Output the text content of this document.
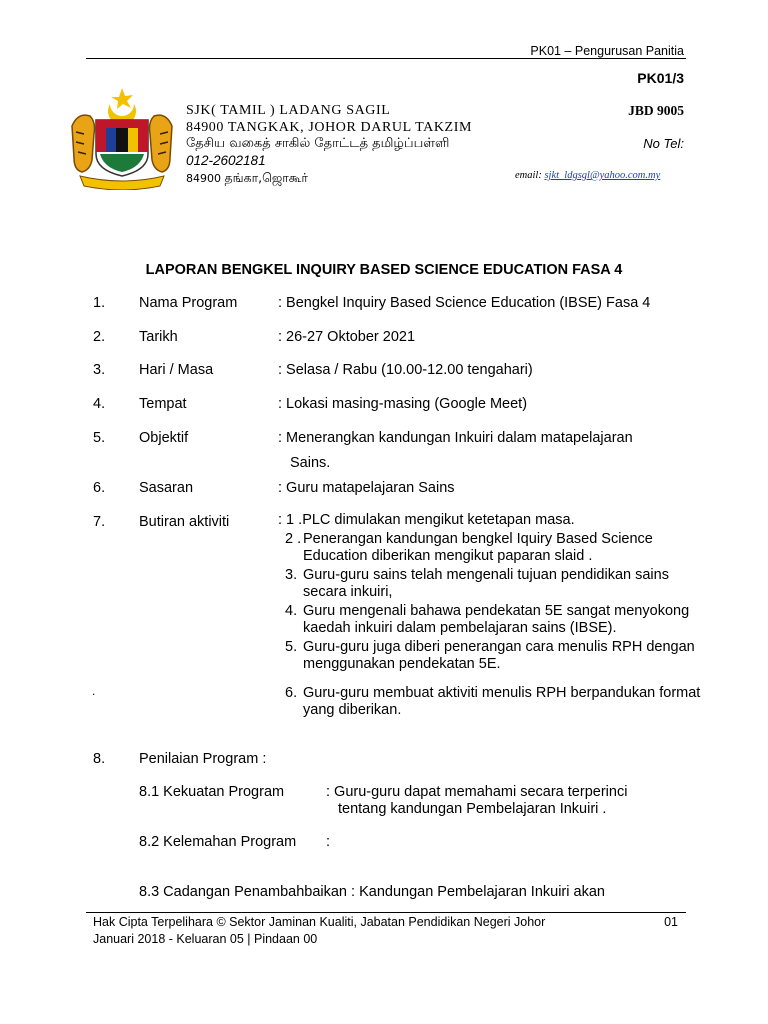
PK01 – Pengurusan Panitia
PK01/3
SJK( TAMIL ) LADANG SAGIL
84900 TANGKAK, JOHOR DARUL TAKZIM
தேசிய வகைத் சாகில் தோட்டத் தமிழ்ப்பள்ளி
012-2602181
84900 தங்கா,ஜொகூர்
JBD 9005
No Tel:
email: sjkt_ldgsgl@yahoo.com.my
LAPORAN BENGKEL INQUIRY BASED SCIENCE EDUCATION FASA 4
1. Nama Program	: Bengkel Inquiry Based Science Education (IBSE) Fasa 4
2. Tarikh	: 26-27 Oktober 2021
3. Hari / Masa	: Selasa / Rabu (10.00-12.00 tengahari)
4. Tempat	: Lokasi masing-masing (Google Meet)
5. Objektif	: Menerangkan kandungan Inkuiri dalam matapelajaran
Sains.
6. Sasaran	: Guru matapelajaran Sains
7. Butiran aktiviti	: 1 .PLC dimulakan mengikut ketetapan masa.

2 . Penerangan kandungan bengkel Iquiry Based Science Education diberikan mengikut paparan slaid .

3. Guru-guru sains telah mengenali tujuan pendidikan sains secara inkuiri,

4. Guru mengenali bahawa pendekatan 5E sangat menyokong kaedah inkuiri dalam pembelajaran sains (IBSE).

5. Guru-guru juga diberi penerangan cara menulis RPH dengan menggunakan pendekatan 5E.

6. Guru-guru membuat aktiviti menulis RPH berpandukan format yang diberikan.

.
8. Penilaian Program :
8.1 Kekuatan Program	: Guru-guru dapat memahami secara terperinci
tentang kandungan Pembelajaran Inkuiri .
8.2 Kelemahan Program :
8.3 Cadangan Penambahbaikan : Kandungan Pembelajaran Inkuiri akan
Hak Cipta Terpelihara © Sektor Jaminan Kualiti, Jabatan Pendidikan Negeri Johor	01
Januari 2018 - Keluaran 05 | Pindaan 00
